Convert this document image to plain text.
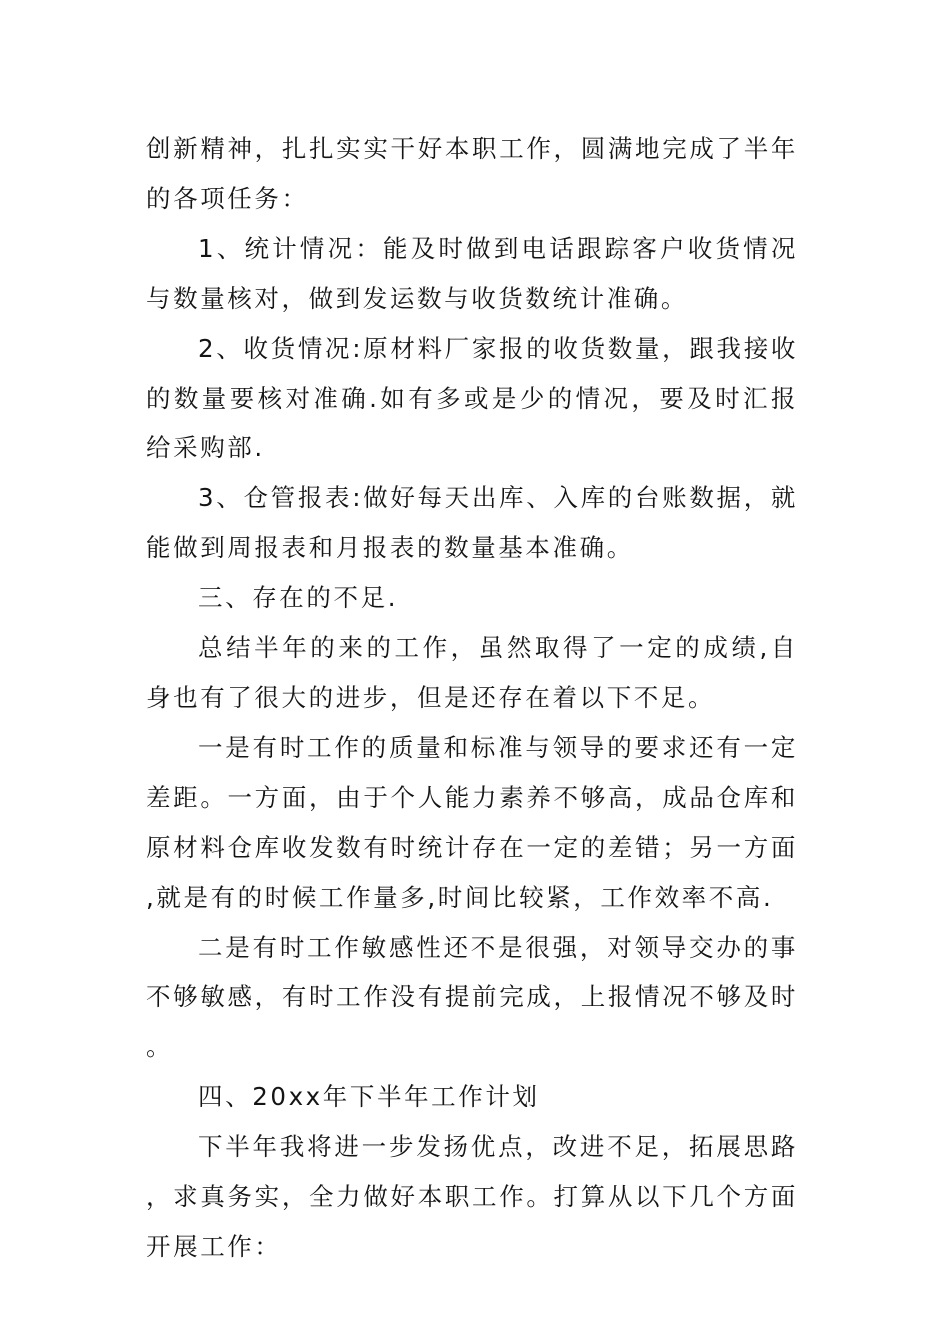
创新精神，扎扎实实干好本职工作，圆满地完成了半年的各项任务：

1、统计情况：能及时做到电话跟踪客户收货情况与数量核对，做到发运数与收货数统计准确。

2、收货情况:原材料厂家报的收货数量，跟我接收的数量要核对准确.如有多或是少的情况，要及时汇报给采购部.

3、仓管报表:做好每天出库、入库的台账数据，就能做到周报表和月报表的数量基本准确。

三、存在的不足.

总结半年的来的工作，虽然取得了一定的成绩,自身也有了很大的进步，但是还存在着以下不足。

一是有时工作的质量和标准与领导的要求还有一定差距。一方面，由于个人能力素养不够高，成品仓库和原材料仓库收发数有时统计存在一定的差错；另一方面,就是有的时候工作量多,时间比较紧，工作效率不高.

二是有时工作敏感性还不是很强，对领导交办的事不够敏感，有时工作没有提前完成，上报情况不够及时。

四、20xx年下半年工作计划

下半年我将进一步发扬优点，改进不足，拓展思路，求真务实，全力做好本职工作。打算从以下几个方面开展工作：
